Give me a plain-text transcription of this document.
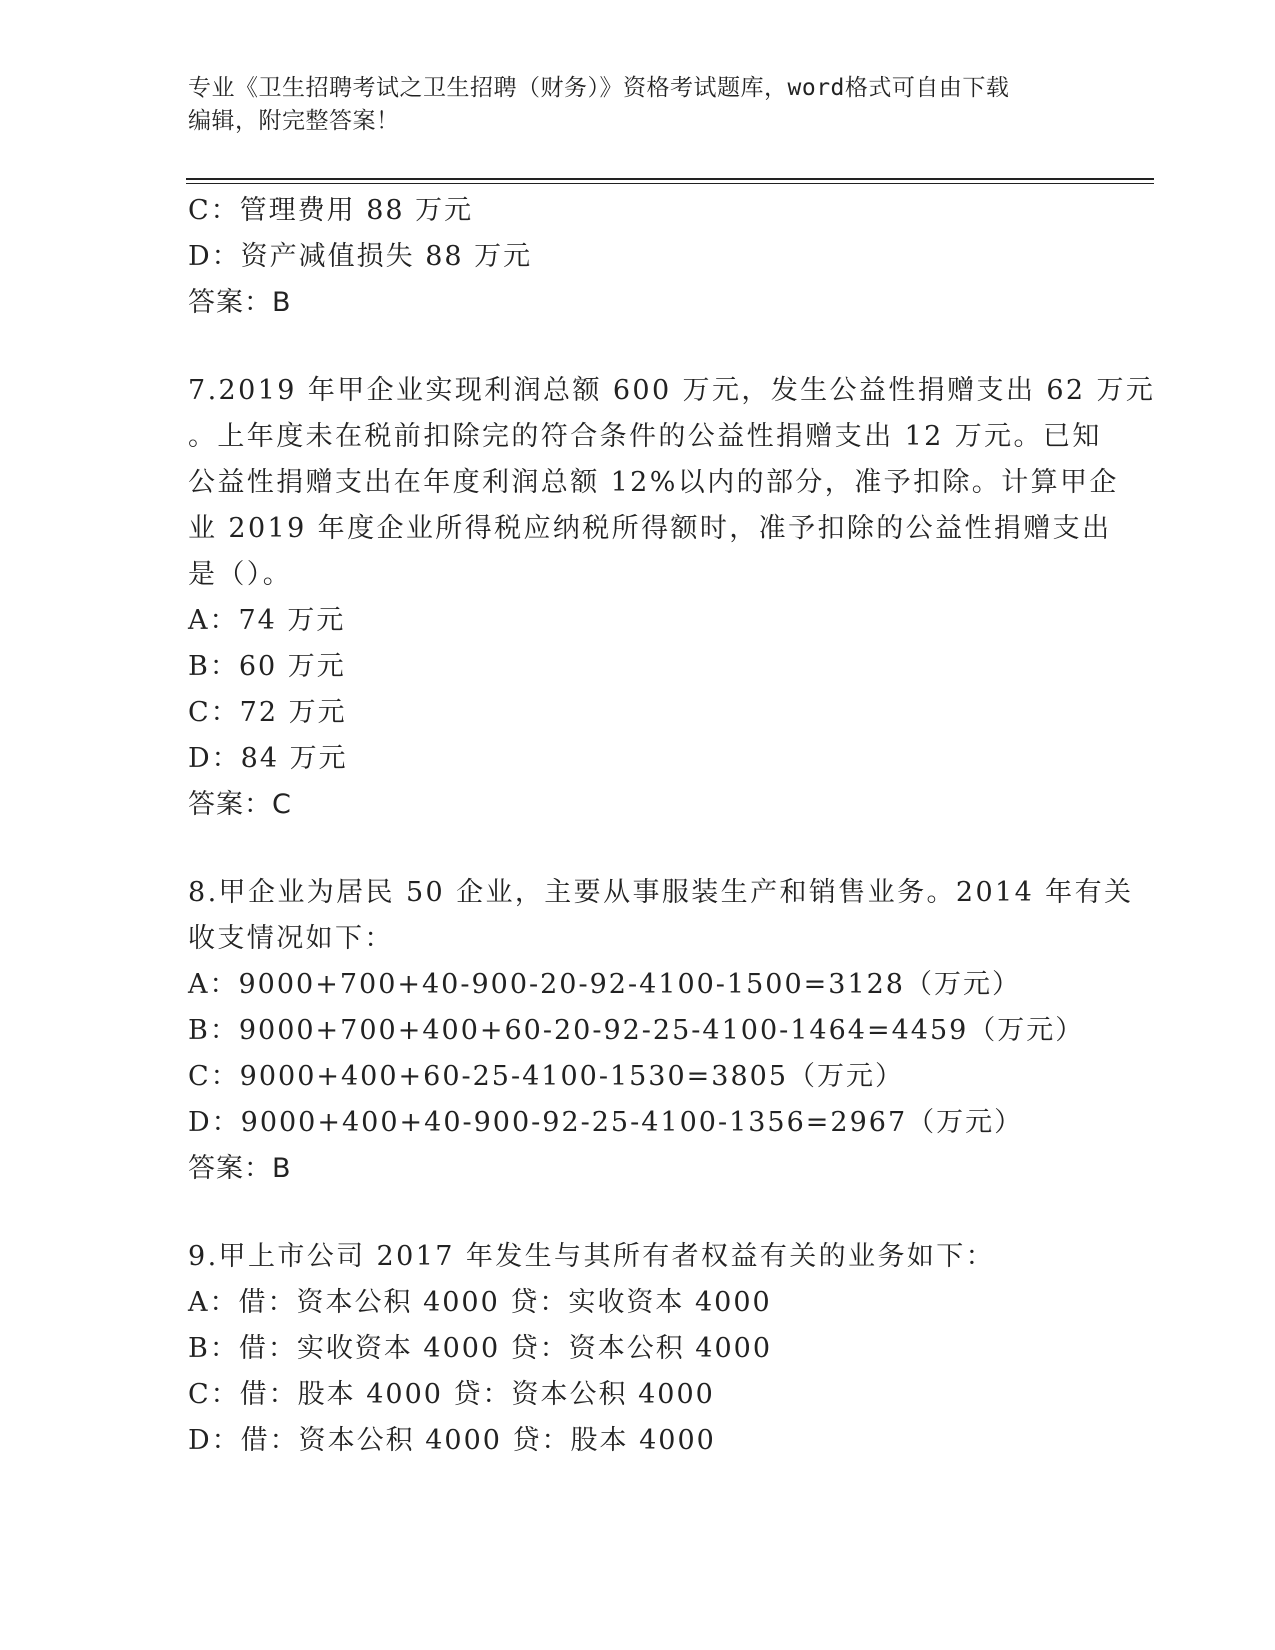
专业《卫生招聘考试之卫生招聘（财务）》资格考试题库，word格式可自由下载
编辑，附完整答案！
C：管理费用 88 万元
D：资产减值损失 88 万元
答案：B
7.2019 年甲企业实现利润总额 600 万元，发生公益性捐赠支出 62 万元
。上年度未在税前扣除完的符合条件的公益性捐赠支出 12 万元。已知
公益性捐赠支出在年度利润总额 12%以内的部分，准予扣除。计算甲企
业 2019 年度企业所得税应纳税所得额时，准予扣除的公益性捐赠支出
是（）。
A：74 万元
B：60 万元
C：72 万元
D：84 万元
答案：C
8.甲企业为居民 50 企业，主要从事服装生产和销售业务。2014 年有关
收支情况如下：
A：9000+700+40-900-20-92-4100-1500=3128（万元）
B：9000+700+400+60-20-92-25-4100-1464=4459（万元）
C：9000+400+60-25-4100-1530=3805（万元）
D：9000+400+40-900-92-25-4100-1356=2967（万元）
答案：B
9.甲上市公司 2017 年发生与其所有者权益有关的业务如下：
A：借：资本公积 4000 贷：实收资本 4000
B：借：实收资本 4000 贷：资本公积 4000
C：借：股本 4000 贷：资本公积 4000
D：借：资本公积 4000 贷：股本 4000
